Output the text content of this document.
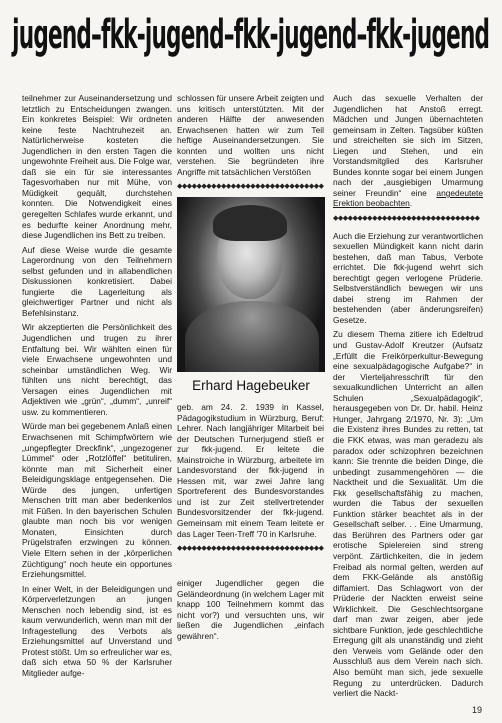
jugend–fkk-jugend–fkk-jugend–fkk-jugend

teilnehmer zur Auseinandersetzung und letztlich zu Entscheidungen zwangen. Ein konkretes Beispiel: Wir ordneten keine feste Nachtruhezeit an. Natürlicherweise kosteten die Jugendlichen in den ersten Tagen die ungewohnte Freiheit aus. Die Folge war, daß sie ein für sie interessantes Tagesvorhaben nur mit Mühe, von Müdigkeit gequält, durchstehen konnten. Die Notwendigkeit eines geregelten Schlafes wurde erkannt, und es bedurfte keiner Anordnung mehr, diese Jugendlichen ins Bett zu treiben.

Auf diese Weise wurde die gesamte Lagerordnung von den Teilnehmern selbst gefunden und in allabendlichen Diskussionen konkretisiert. Dabei fungierte die Lagerleitung als gleichwertiger Partner und nicht als Befehlsinstanz.

Wir akzeptierten die Persönlichkeit des Jugendlichen und trugen zu ihrer Entfaltung bei. Wir wählten einen für viele Erwachsene ungewohnten und scheinbar umständlichen Weg. Wir fühlten uns nicht berechtigt, das Versagen eines Jugendlichen mit Adjektiven wie „grün“, „dumm“, „unreif“ usw. zu kommentieren.

Würde man bei gegebenem Anlaß einen Erwachsenen mit Schimpfwörtern wie „ungepflegter Dreckfink“, „ungezogener Lümmel“ oder „Rotzlöffel“ betituliren, könnte man mit Sicherheit einer Beleidigungsklage entgegensehen. Die Würde des jungen, unfertigen Menschen tritt man aber bedenkenlos mit Füßen. In den bayerischen Schulen glaubte man noch bis vor wenigen Monaten, Einsichten durch Prügelstrafen erzwingen zu können. Viele Eltern sehen in der „körperlichen Züchtigung“ noch heute ein opportunes Erziehungsmittel.

In einer Welt, in der Beleidigungen und Körperverletzungen an jungen Menschen noch lebendig sind, ist es kaum verwunderlich, wenn man mit der Infragestellung des Verbots als Erziehungsmittel auf Unverstand und Protest stößt. Um so erfreulicher war es, daß sich etwa 50 % der Karlsruher Mitglieder aufge-

schlossen für unsere Arbeit zeigten und uns kritisch unterstützten. Mit der anderen Hälfte der anwesenden Erwachsenen hatten wir zum Teil heftige Auseinandersetzungen. Sie konnten und wollten uns nicht verstehen. Sie begründeten ihre Angriffe mit tatsächlichen Verstößen

◆◆◆◆◆◆◆◆◆◆◆◆◆◆◆◆◆◆◆◆◆◆◆◆◆◆◆◆◆◆
Erhard Hagebeuker

geb. am 24. 2. 1939 in Kassel, Pädagogikstudium in Würzburg, Beruf: Lehrer. Nach langjähriger Mitarbeit bei der Deutschen Turnerjugend stieß er zur fkk-jugend. Er leitete die Mainstroiche in Würzburg, arbeitete im Landesvorstand der fkk-jugend in Hessen mit, war zwei Jahre lang Sportreferent des Bundesvorstandes und ist zur Zeit stellvertretender Bundesvorsitzender der fkk-jugend. Gemeinsam mit einem Team leitete er das Lager Teen-Treff '70 in Karlsruhe.

◆◆◆◆◆◆◆◆◆◆◆◆◆◆◆◆◆◆◆◆◆◆◆◆◆◆◆◆◆◆

einiger Jugendlicher gegen die Geländeordnung (in welchem Lager mit knapp 100 Teilnehmern kommt das nicht vor?) und versuchten uns, wir ließen die Jugendlichen „einfach gewähren“.

Auch das sexuelle Verhalten der Jugendlichen hat Anstoß erregt. Mädchen und Jungen übernachteten gemeinsam in Zelten. Tagsüber küßten und streichelten sie sich im Sitzen, Liegen und Stehen, und ein Vorstandsmitglied des Karlsruher Bundes konnte sogar bei einem Jungen nach der „ausgiebigen Umarmung seiner Freundin“ eine angedeutete Erektion beobachten.

◆◆◆◆◆◆◆◆◆◆◆◆◆◆◆◆◆◆◆◆◆◆◆◆◆◆◆◆◆◆

Auch die Erziehung zur verantwortlichen sexuellen Mündigkeit kann nicht darin bestehen, daß man Tabus, Verbote errichtet. Die fkk-jugend wehrt sich berechtigt gegen verlogene Prüderie. Selbstverständlich bewegen wir uns dabei streng im Rahmen der bestehenden (aber änderungsreifen) Gesetze.

Zu diesem Thema zitiere ich Edeltrud und Gustav-Adolf Kreutzer (Aufsatz „Erfüllt die Freikörperkultur-Bewegung eine sexualpädagogische Aufgabe?“ in der Vierteljahresschrift für den sexualkundlichen Unterricht an allen Schulen „Sexualpädagogik“, herausgegeben von Dr. Dr. habil. Heinz Hunger, Jahrgang 2/1970, Nr. 3): „Um die Existenz ihres Bundes zu retten, tat die FKK etwas, was man geradezu als paradox oder schizophren bezeichnen kann: Sie trennte die beiden Dinge, die unbedingt zusammengehören — die Nacktheit und die Sexualität. Um die Fkk gesellschaftsfähig zu machen, wurden die Tabus der sexuellen Funktion stärker beachtet als in der Gesellschaft selber. . . Eine Umarmung, das Berühren des Partners oder gar erotische Spielereien sind streng verpönt. Zärtlichkeiten, die in jedem Freibad als normal gelten, werden auf dem FKK-Gelände als anstößig diffamiert. Das Schlagwort von der Prüderie der Nackten erweist seine Wirklichkeit. Die Geschlechtsorgane darf man zwar zeigen, aber jede sichtbare Funktion, jede geschlechtliche Erregung gilt als unanständig und zieht den Verweis vom Gelände oder den Ausschluß aus dem Verein nach sich. Also bemüht man sich, jede sexuelle Regung zu unterdrücken. Dadurch verliert die Nackt-

19
